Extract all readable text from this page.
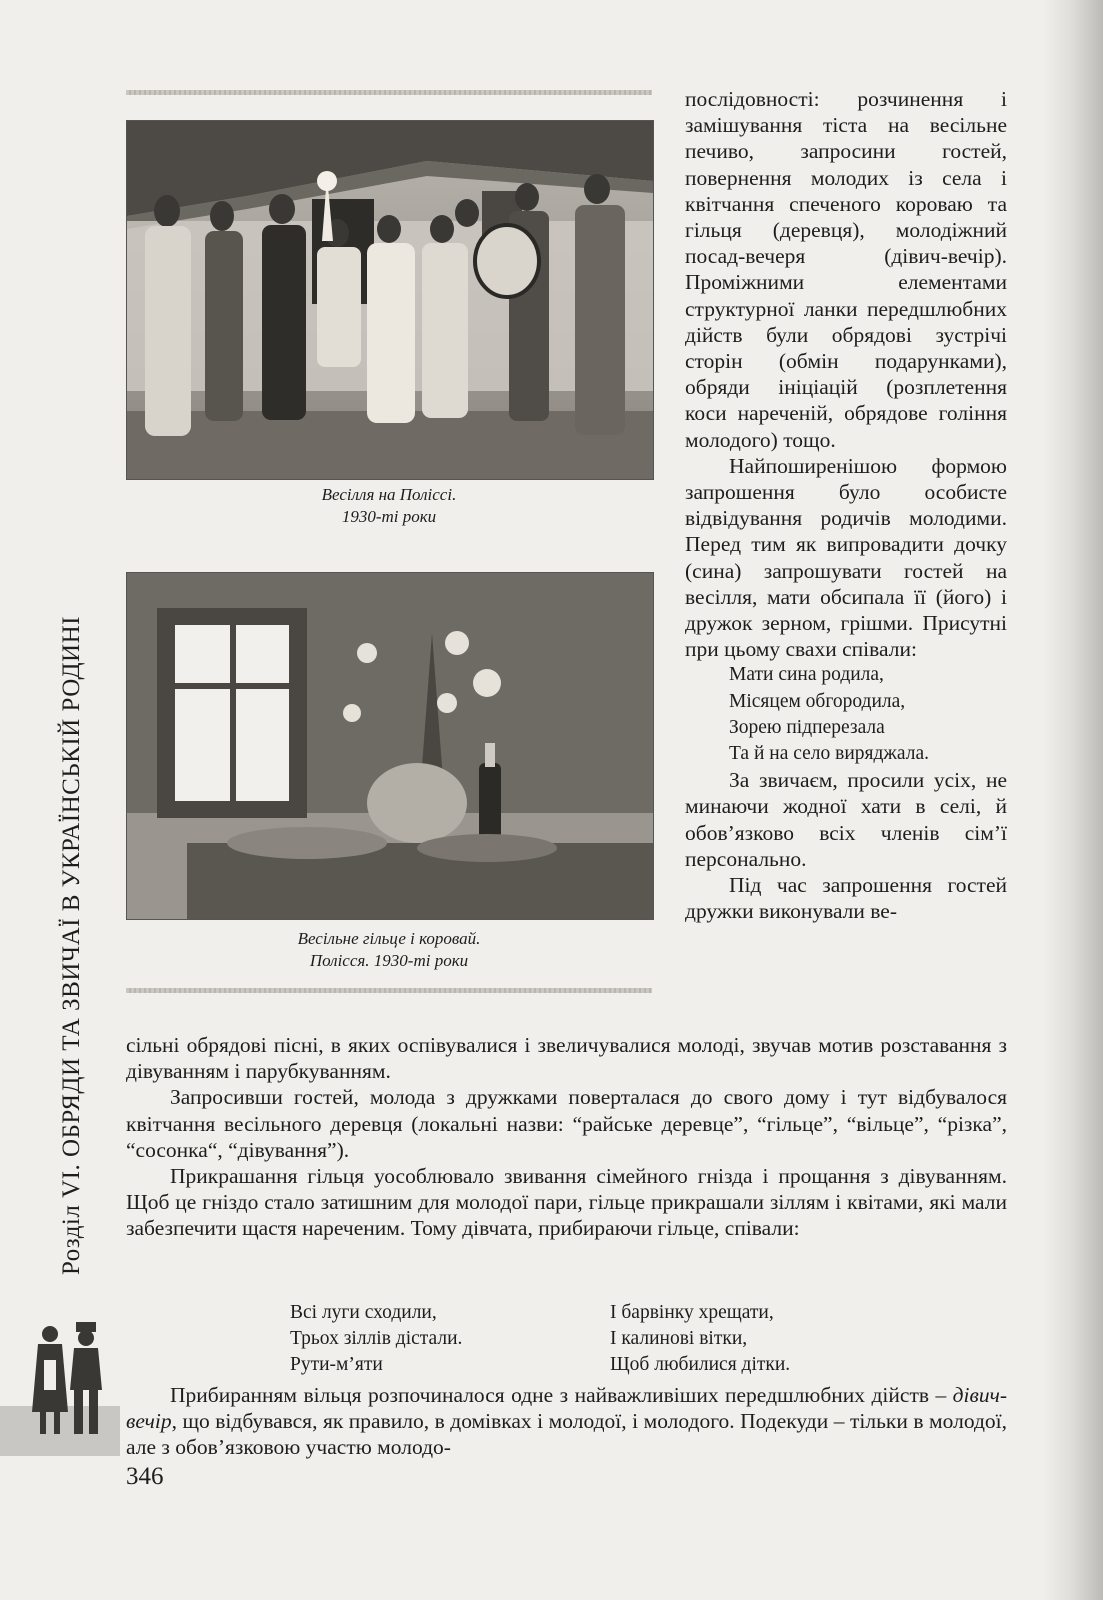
Весілля на Поліссі.
1930-ті роки
Весільне гільце і коровай.
Полісся. 1930-ті роки

послідовності: розчинення і замішування тіста на весільне печиво, запросини гостей, повернення молодих із села і квітчання спеченого короваю та гільця (деревця), молодіжний посад-вечеря (дівич-вечір). Проміжними елементами структурної ланки передшлюбних дійств були обрядові зустрічі сторін (обмін подарунками), обряди ініціацій (розплетення коси нареченій, обрядове гоління молодого) тощо.

Найпоширенішою формою запрошення було особисте відвідування родичів молодими. Перед тим як випровадити дочку (сина) запрошувати гостей на весілля, мати обсипала її (його) і дружок зерном, грішми. Присутні при цьому свахи співали:

Мати сина родила,
Місяцем обгородила,
Зорею підперезала
Та й на село виряджала.

За звичаєм, просили усіх, не минаючи жодної хати в селі, й обов’язково всіх членів сім’ї персонально.

Під час запрошення гостей дружки виконували ве-

сільні обрядові пісні, в яких оспівувалися і звеличувалися молоді, звучав мотив розставання з дівуванням і парубкуванням.

Запросивши гостей, молода з дружками поверталася до свого дому і тут відбувалося квітчання весільного деревця (локальні назви: “райське деревце”, “гільце”, “вільце”, “різка”, “сосонка“, “дівування”).

Прикрашання гільця уособлювало звивання сімейного гнізда і прощання з дівуванням. Щоб це гніздо стало затишним для молодої пари, гільце прикрашали зіллям і квітами, які мали забезпечити щастя нареченим. Тому дівчата, прибираючи гільце, співали:

Всі луги сходили,
Трьох зіллів дістали.
Рути-м’яти
І барвінку хрещати,
І калинові вітки,
Щоб любилися дітки.

Прибиранням вільця розпочиналося одне з найважливіших передшлюбних дійств – дівич-вечір, що відбувався, як правило, в домівках і молодої, і молодого. Подекуди – тільки в молодої, але з обов’язковою участю молодо-

Розділ VI. ОБРЯДИ ТА ЗВИЧАЇ В УКРАЇНСЬКІЙ РОДИНІ
346
